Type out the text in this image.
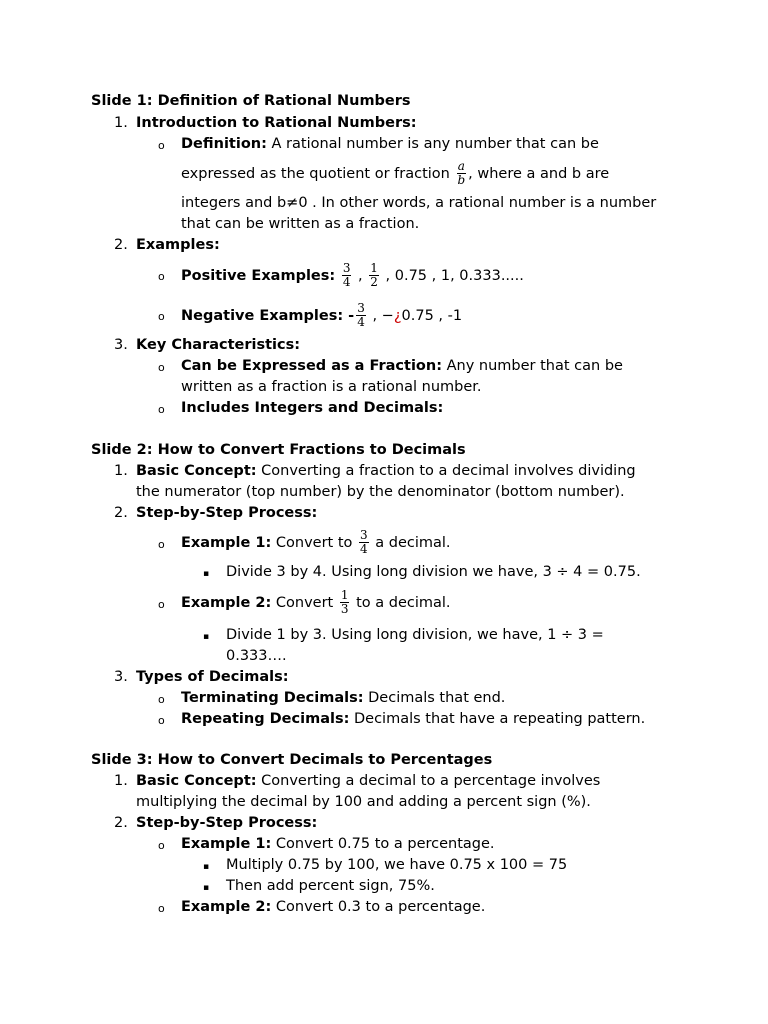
Slide 1: Definition of Rational Numbers
1. Introduction to Rational Numbers:
o Definition: A rational number is any number that can be
expressed as the quotient or fraction $\frac{a}{b}$ , where a and b are
integers and b≠0 . In other words, a rational number is a number
that can be written as a fraction.
2. Examples:
o Positive Examples: $\frac{3}{4}$ , $\frac{1}{2}$ , 0.75 , 1, 0.333.....
o Negative Examples: - $\frac{3}{4}$ , −¿0.75 , -1
3. Key Characteristics:
o Can be Expressed as a Fraction: Any number that can be
written as a fraction is a rational number.
o Includes Integers and Decimals:
Slide 2: How to Convert Fractions to Decimals
1. Basic Concept: Converting a fraction to a decimal involves dividing
the numerator (top number) by the denominator (bottom number).
2. Step-by-Step Process:
o Example 1: Convert to $\frac{3}{4}$ a decimal.
▪ Divide 3 by 4. Using long division we have, 3 ÷ 4 = 0.75.
o Example 2: Convert $\frac{1}{3}$ to a decimal.
▪ Divide 1 by 3. Using long division, we have, 1 ÷ 3 =
0.333….
3. Types of Decimals:
o Terminating Decimals: Decimals that end.
o Repeating Decimals: Decimals that have a repeating pattern.
Slide 3: How to Convert Decimals to Percentages
1. Basic Concept: Converting a decimal to a percentage involves
multiplying the decimal by 100 and adding a percent sign (%).
2. Step-by-Step Process:
o Example 1: Convert 0.75 to a percentage.
▪ Multiply 0.75 by 100, we have 0.75 x 100 = 75
▪ Then add percent sign, 75%.
o Example 2: Convert 0.3 to a percentage.
